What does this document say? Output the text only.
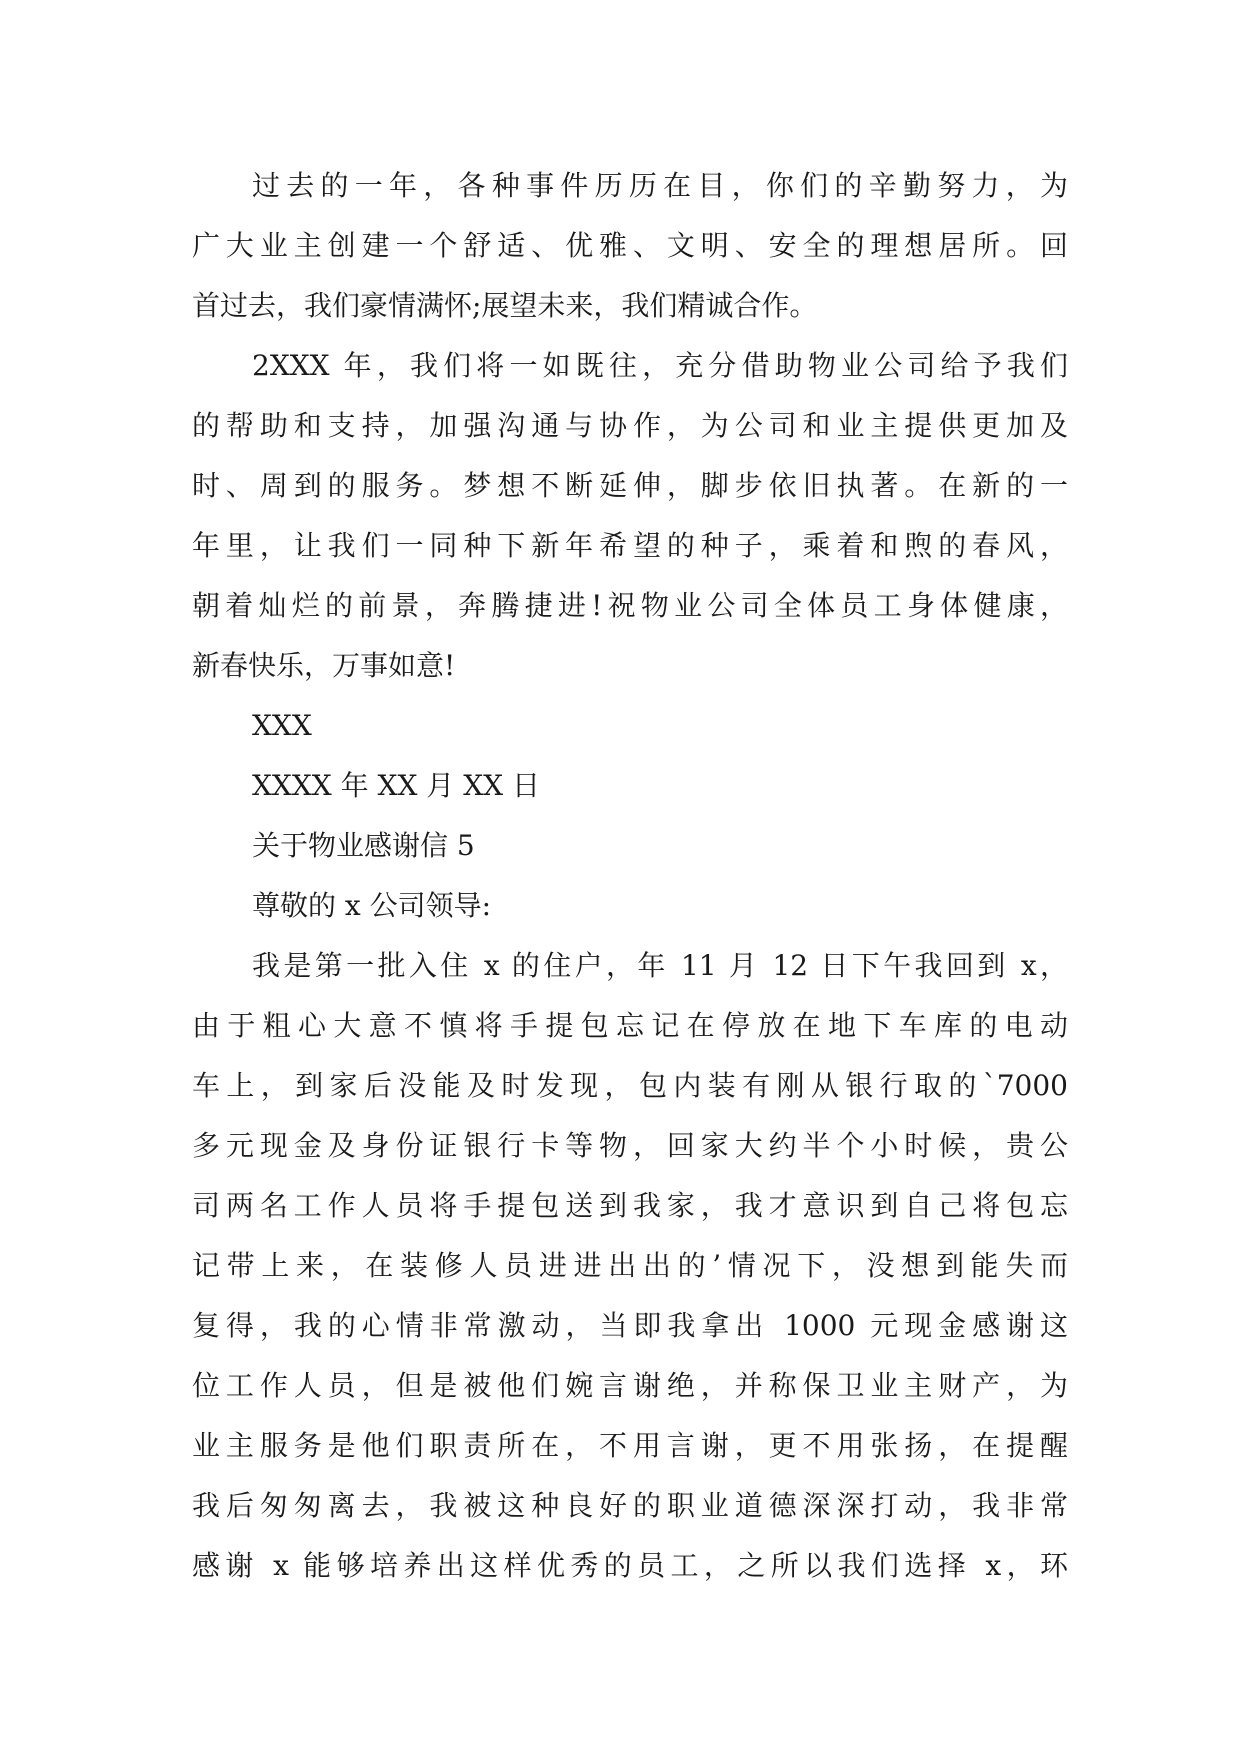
过去的一年，各种事件历历在目，你们的辛勤努力，为
广大业主创建一个舒适、优雅、文明、安全的理想居所。回
首过去，我们豪情满怀;展望未来，我们精诚合作。
2XXX 年，我们将一如既往，充分借助物业公司给予我们
的帮助和支持，加强沟通与协作，为公司和业主提供更加及
时、周到的服务。梦想不断延伸，脚步依旧执著。在新的一
年里，让我们一同种下新年希望的种子，乘着和煦的春风，
朝着灿烂的前景，奔腾捷进!祝物业公司全体员工身体健康，
新春快乐，万事如意!
XXX
XXXX 年 XX 月 XX 日
关于物业感谢信 5
尊敬的 x 公司领导:
我是第一批入住 x 的住户，年 11 月 12 日下午我回到 x，
由于粗心大意不慎将手提包忘记在停放在地下车库的电动
车上，到家后没能及时发现，包内装有刚从银行取的`7000
多元现金及身份证银行卡等物，回家大约半个小时候，贵公
司两名工作人员将手提包送到我家，我才意识到自己将包忘
记带上来，在装修人员进进出出的’情况下，没想到能失而
复得，我的心情非常激动，当即我拿出 1000 元现金感谢这
位工作人员，但是被他们婉言谢绝，并称保卫业主财产，为
业主服务是他们职责所在，不用言谢，更不用张扬，在提醒
我后匆匆离去，我被这种良好的职业道德深深打动，我非常
感谢 x 能够培养出这样优秀的员工，之所以我们选择 x，环
